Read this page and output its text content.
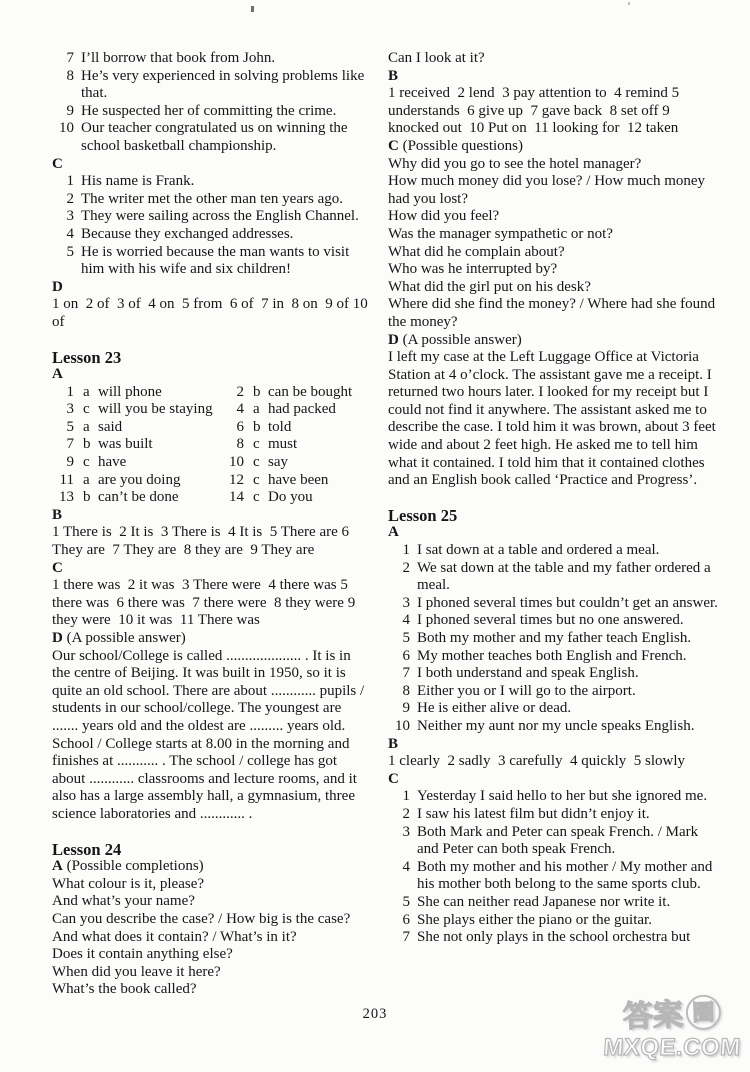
7 I’ll borrow that book from John.
8 He’s very experienced in solving problems like that.
9 He suspected her of committing the crime.
10 Our teacher congratulated us on winning the school basketball championship.
C
1 His name is Frank.
2 The writer met the other man ten years ago.
3 They were sailing across the English Channel.
4 Because they exchanged addresses.
5 He is worried because the man wants to visit him with his wife and six children!
D
1 on  2 of  3 of  4 on  5 from  6 of  7 in  8 on  9 of 10 of
Lesson 23
A
1 a will phone	2 b can be bought
3 c will you be staying	4 a had packed
5 a said	6 b told
7 b was built	8 c must
9 c have	10 c say
11 a are you doing	12 c have been
13 b can’t be done	14 c Do you
B
1 There is  2 It is  3 There is  4 It is  5 There are 6 They are  7 They are  8 they are  9 They are
C
1 there was  2 it was  3 There were  4 there was 5 there was  6 there was  7 there were  8 they were 9 they were  10 it was  11 There was
D (A possible answer)
Our school/College is called .................... . It is in the centre of Beijing. It was built in 1950, so it is quite an old school. There are about ............ pupils / students in our school/college. The youngest are ....... years old and the oldest are ......... years old. School / College starts at 8.00 in the morning and finishes at ........... . The school / college has got about ............ classrooms and lecture rooms, and it also has a large assembly hall, a gymnasium, three science laboratories and ............ .
Lesson 24
A (Possible completions)
What colour is it, please?
And what’s your name?
Can you describe the case? / How big is the case?
And what does it contain? / What’s in it?
Does it contain anything else?
When did you leave it here?
What’s the book called?
Can I look at it?
B
1 received  2 lend  3 pay attention to  4 remind 5 understands  6 give up  7 gave back  8 set off 9 knocked out  10 Put on  11 looking for  12 taken
C (Possible questions)
Why did you go to see the hotel manager?
How much money did you lose? / How much money had you lost?
How did you feel?
Was the manager sympathetic or not?
What did he complain about?
Who was he interrupted by?
What did the girl put on his desk?
Where did she find the money? / Where had she found the money?
D (A possible answer)
I left my case at the Left Luggage Office at Victoria Station at 4 o’clock. The assistant gave me a receipt. I returned two hours later. I looked for my receipt but I could not find it anywhere. The assistant asked me to describe the case. I told him it was brown, about 3 feet wide and about 2 feet high. He asked me to tell him what it contained. I told him that it contained clothes and an English book called ‘Practice and Progress’.
Lesson 25
A
1 I sat down at a table and ordered a meal.
2 We sat down at the table and my father ordered a meal.
3 I phoned several times but couldn’t get an answer.
4 I phoned several times but no one answered.
5 Both my mother and my father teach English.
6 My mother teaches both English and French.
7 I both understand and speak English.
8 Either you or I will go to the airport.
9 He is either alive or dead.
10 Neither my aunt nor my uncle speaks English.
B
1 clearly  2 sadly  3 carefully  4 quickly  5 slowly
C
1 Yesterday I said hello to her but she ignored me.
2 I saw his latest film but didn’t enjoy it.
3 Both Mark and Peter can speak French. / Mark and Peter can both speak French.
4 Both my mother and his mother / My mother and his mother both belong to the same sports club.
5 She can neither read Japanese nor write it.
6 She plays either the piano or the guitar.
7 She not only plays in the school orchestra but
203	答案 圈
MXQE.COM
